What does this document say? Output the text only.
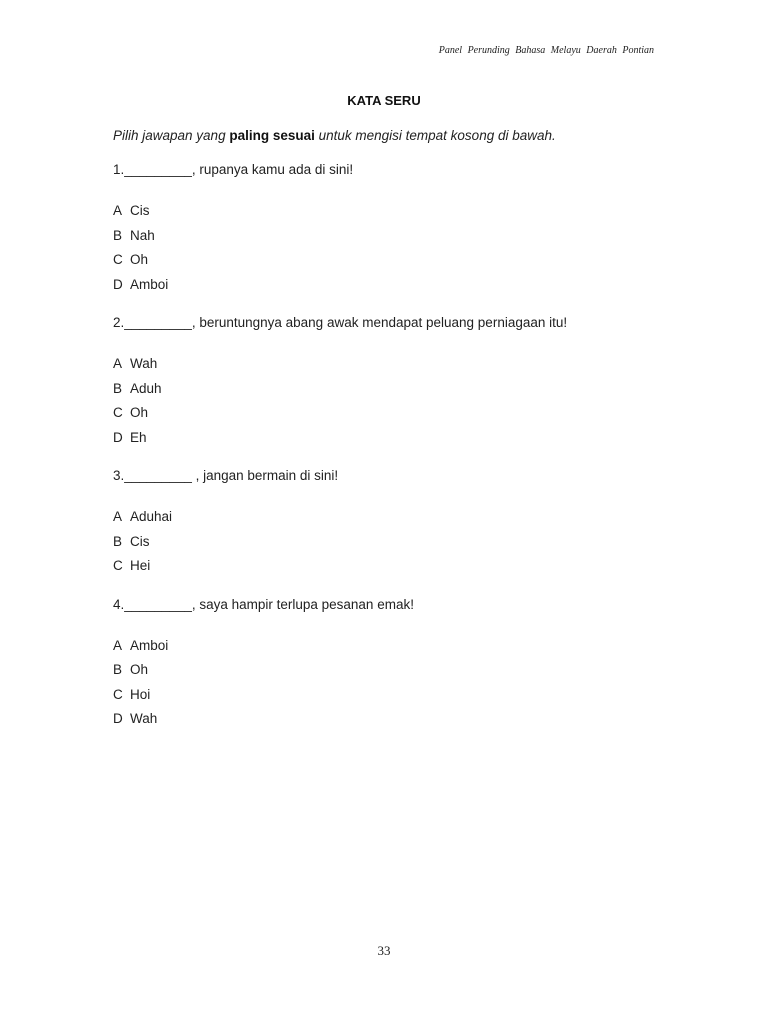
Panel Perunding Bahasa Melayu Daerah Pontian
KATA SERU
Pilih jawapan yang paling sesuai untuk mengisi tempat kosong di bawah.
1._________, rupanya kamu ada di sini!
A Cis
B Nah
C Oh
D Amboi
2._________, beruntungnya abang awak mendapat peluang perniagaan itu!
A Wah
B Aduh
C Oh
D Eh
3._________ , jangan bermain di sini!
A Aduhai
B Cis
C Hei
4._________, saya hampir terlupa pesanan emak!
A Amboi
B Oh
C Hoi
D Wah
33
